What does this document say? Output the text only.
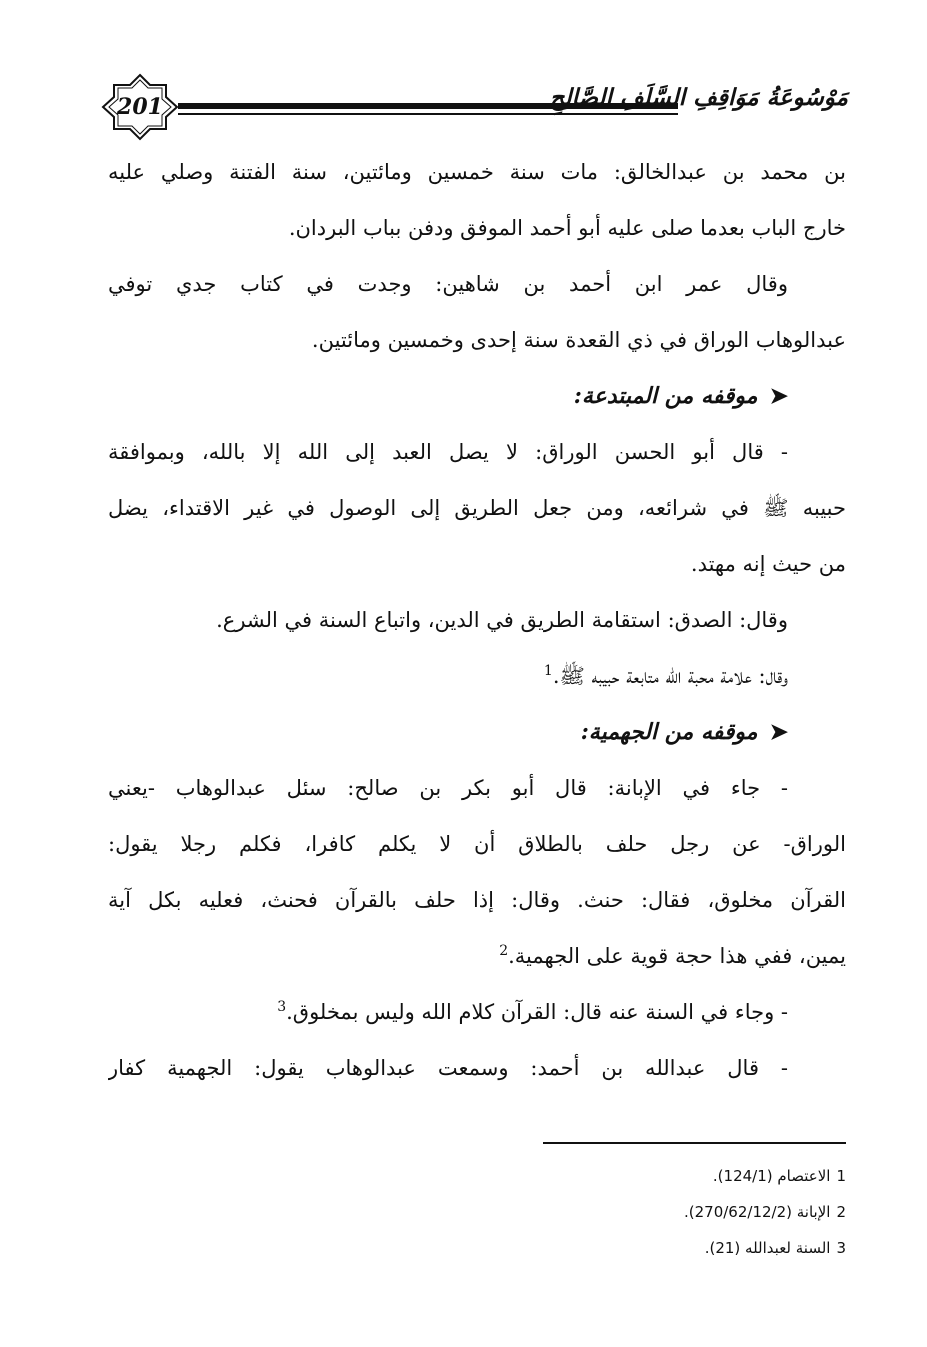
201	مَوْسُوعَةُ مَوَاقِفِ السَّلَفِ الصَّالِحِ
بن محمد بن عبدالخالق: مات سنة خمسين ومائتين، سنة الفتنة وصلي عليه
خارج الباب بعدما صلى عليه أبو أحمد الموفق ودفن بباب البردان.
وقال عمر ابن أحمد بن شاهين: وجدت في كتاب جدي توفي
عبدالوهاب الوراق في ذي القعدة سنة إحدى وخمسين ومائتين.
➤موقفه من المبتدعة:
- قال أبو الحسن الوراق: لا يصل العبد إلى الله إلا بالله، وبموافقة
حبيبه ﷺ في شرائعه، ومن جعل الطريق إلى الوصول في غير الاقتداء، يضل
من حيث إنه مهتد.
وقال: الصدق: استقامة الطريق في الدين، واتباع السنة في الشرع.
وقال: علامة محبة الله متابعة حبيبه ﷺ.$^1$
➤موقفه من الجهمية:
- جاء في الإبانة: قال أبو بكر بن صالح: سئل عبدالوهاب -يعني
الوراق- عن رجل حلف بالطلاق أن لا يكلم كافرا، فكلم رجلا يقول:
القرآن مخلوق، فقال: حنث. وقال: إذا حلف بالقرآن فحنث، فعليه بكل آية
يمين، ففي هذا حجة قوية على الجهمية.$^2$
- وجاء في السنة عنه قال: القرآن كلام الله وليس بمخلوق.$^3$
- قال عبدالله بن أحمد: وسمعت عبدالوهاب يقول: الجهمية كفار
1الاعتصام (124/1).
2الإبانة (270/62/12/2).
3السنة لعبدالله (21).
